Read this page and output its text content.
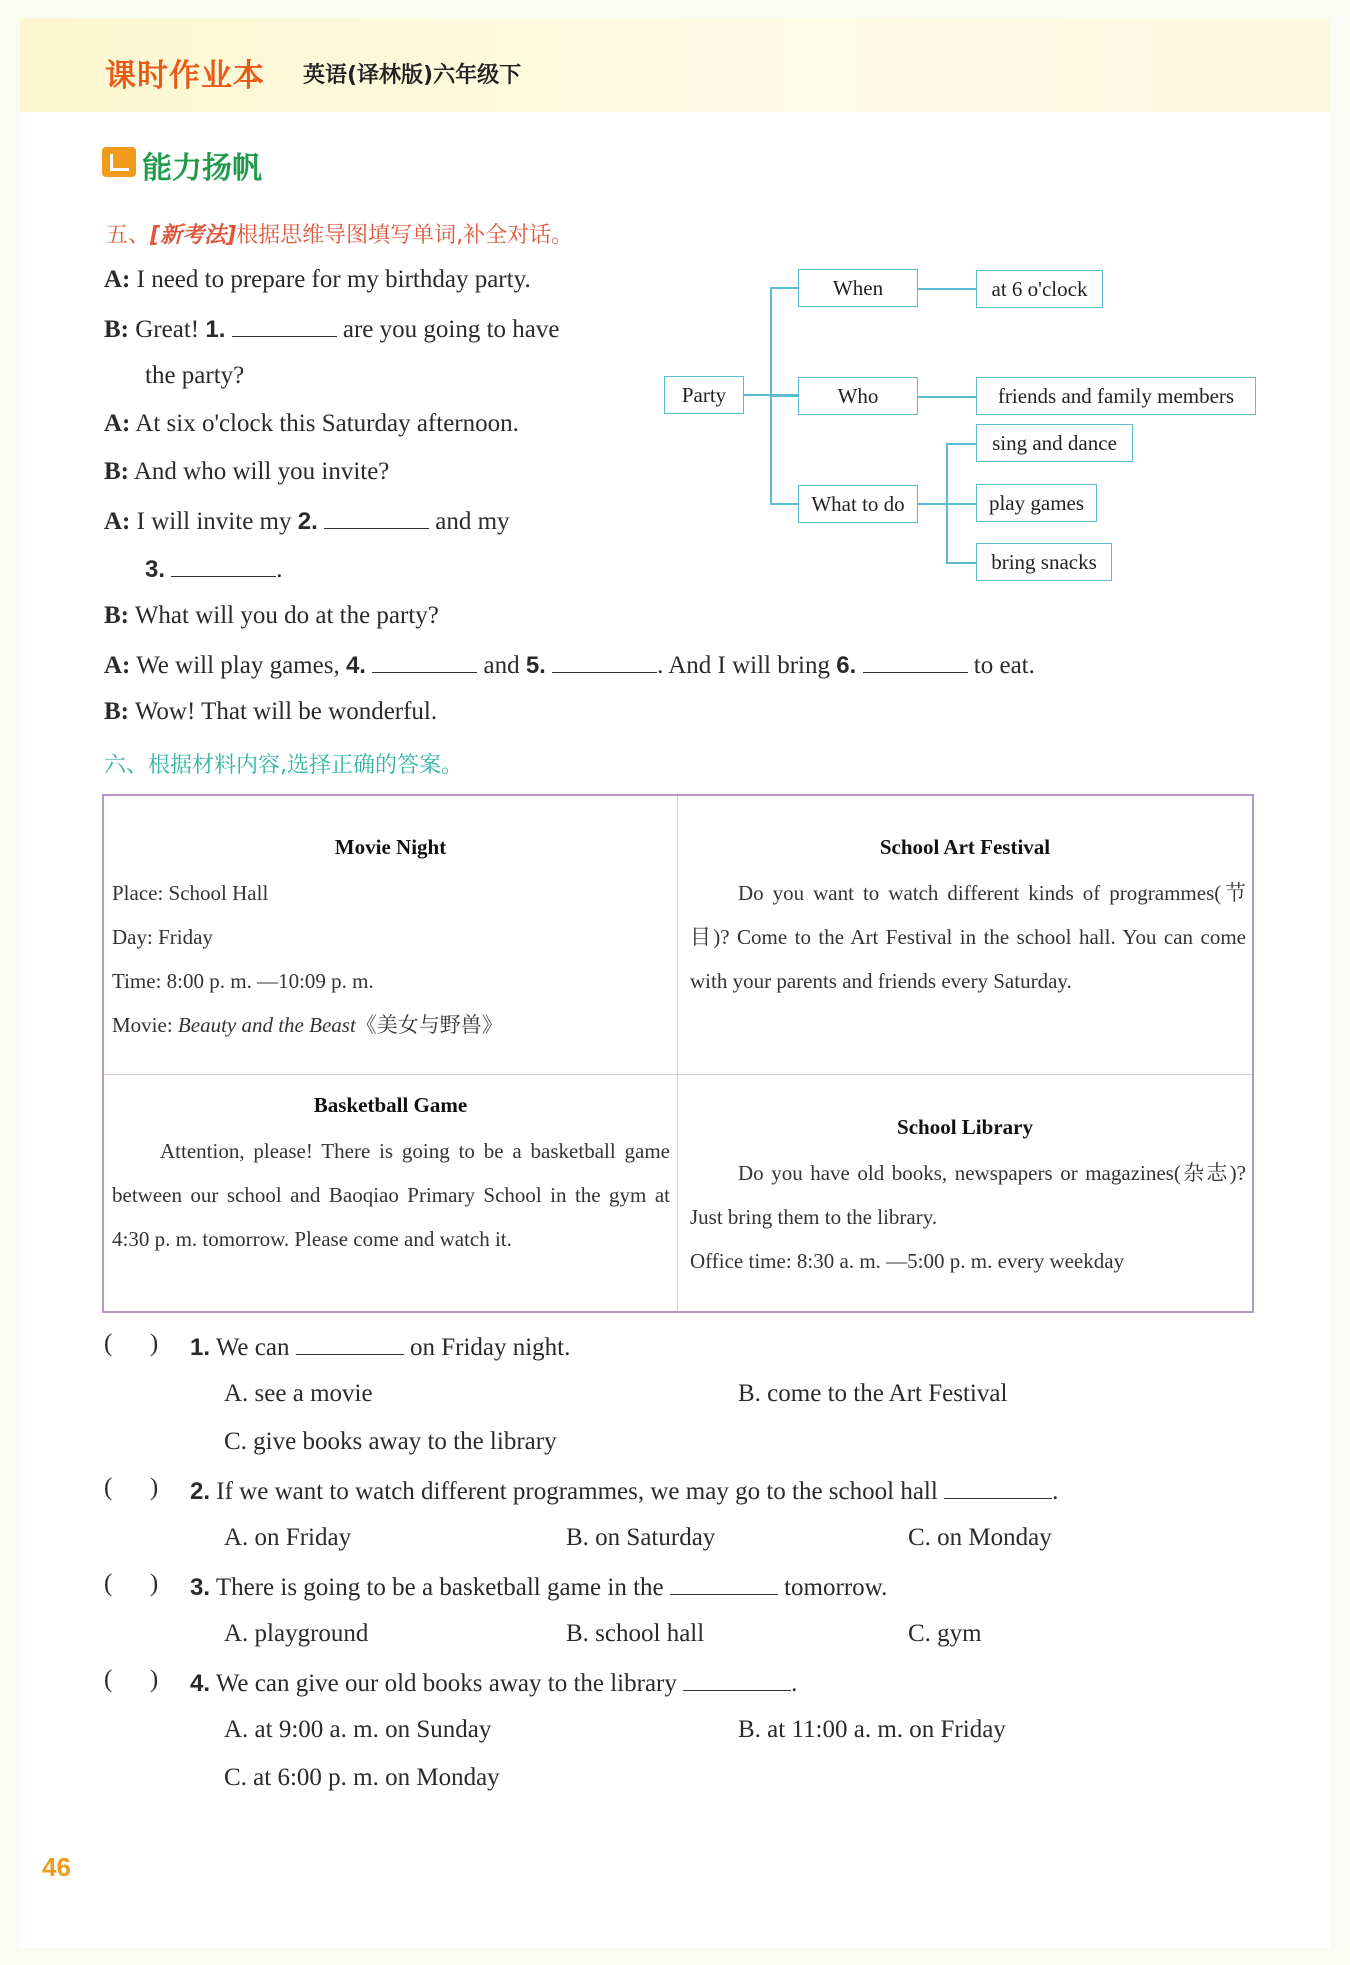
课时作业本 英语(译林版)六年级下
能力扬帆
五、[新考法]根据思维导图填写单词,补全对话。
A: I need to prepare for my birthday party.
B: Great! 1.	are you going to have
the party?
A: At six o'clock this Saturday afternoon.
B: And who will you invite?
A: I will invite my 2.	and my
3.	.
B: What will you do at the party?
A: We will play games, 4.	and 5.	. And I will bring 6.	to eat.
B: Wow! That will be wonderful.
Party
When	at 6 o'clock
Who	friends and family members
What to do
sing and dance
play games
bring snacks
六、根据材料内容,选择正确的答案。
Movie Night
Place: School Hall
Day: Friday
Time: 8:00 p. m. —10:09 p. m.
Movie: Beauty and the Beast《美女与野兽》
School Art Festival
Do you want to watch different kinds of programmes(节目)? Come to the Art Festival in the school hall. You can come with your parents and friends every Saturday.
Basketball Game
Attention, please! There is going to be a basketball game between our school and Baoqiao Primary School in the gym at 4:30 p. m. tomorrow. Please come and watch it.
School Library
Do you have old books, newspapers or magazines(杂志)? Just bring them to the library.
Office time: 8:30 a. m. —5:00 p. m. every weekday
(      ) 1. We can	on Friday night.
A. see a movie	B. come to the Art Festival
C. give books away to the library
(      ) 2. If we want to watch different programmes, we may go to the school hall	.
A. on Friday	B. on Saturday	C. on Monday
(      ) 3. There is going to be a basketball game in the	tomorrow.
A. playground	B. school hall	C. gym
(      ) 4. We can give our old books away to the library	.
A. at 9:00 a. m. on Sunday	B. at 11:00 a. m. on Friday
C. at 6:00 p. m. on Monday
46
